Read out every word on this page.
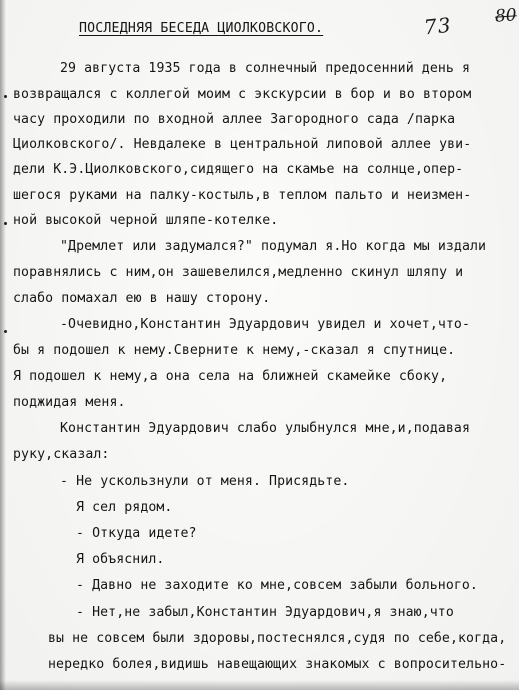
73 80
ПОСЛЕДНЯЯ БЕСЕДА ЦИОЛКОВСКОГО.
29 августа 1935 года в солнечный предосенний день я
возвращался с коллегой моим с экскурсии в бор и во втором
часу проходили по входной аллее Загородного сада /парка
Циолковского/. Невдалеке в центральной липовой аллее уви-
дели К.Э.Циолковского,сидящего на скамье на солнце,опер-
шегося руками на палку-костыль,в теплом пальто и неизмен-
ной высокой черной шляпе-котелке.
"Дремлет или задумался?" подумал я.Но когда мы издали
поравнялись с ним,он зашевелился,медленно скинул шляпу и
слабо помахал ею в нашу сторону.
-Очевидно,Константин Эдуардович увидел и хочет,что-
бы я подошел к нему.Сверните к нему,-сказал я спутнице.
Я подошел к нему,а она села на ближней скамейке сбоку,
поджидая меня.
Константин Эдуардович слабо улыбнулся мне,и,подавая
руку,сказал:
- Не ускользнули от меня. Присядьте.
Я сел рядом.
- Откуда идете?
Я объяснил.
- Давно не заходите ко мне,совсем забыли больного.
- Нет,не забыл,Константин Эдуардович,я знаю,что
вы не совсем были здоровы,постеснялся,судя по себе,когда,
нередко болея,видишь навещающих знакомых с вопросительно-
